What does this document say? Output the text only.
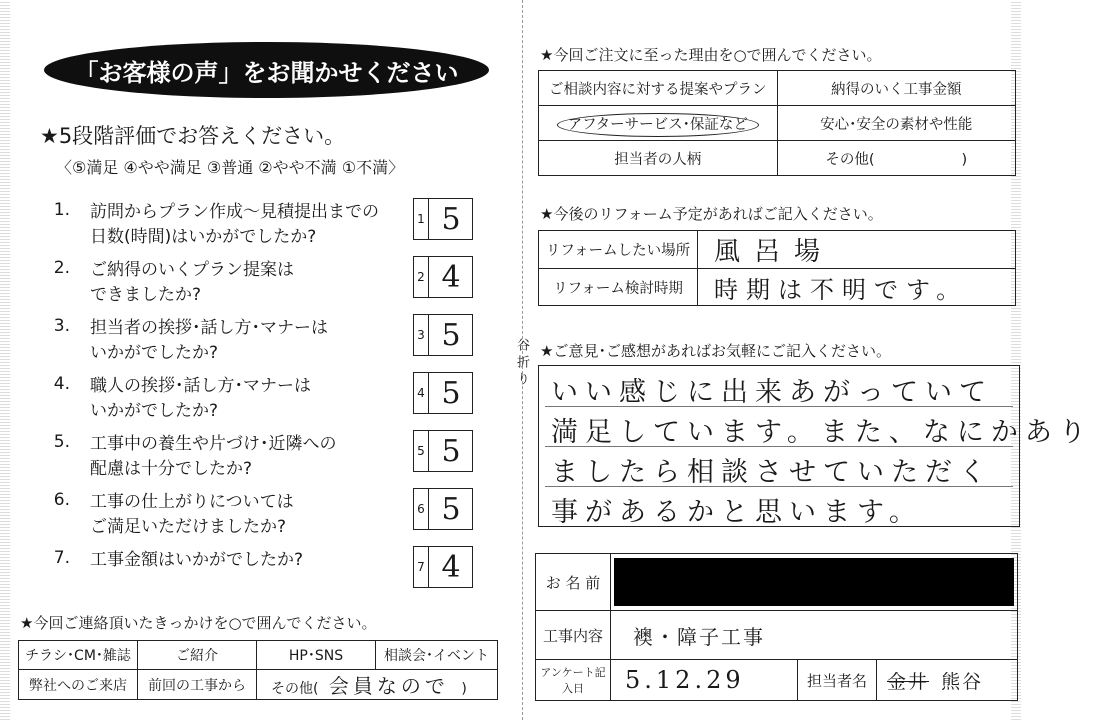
谷折り
「お客様の声」をお聞かせください
★5段階評価でお答えください。
〈⑤満足 ④やや満足 ③普通 ②やや不満 ①不満〉
1. 訪問からプラン作成〜見積提出までの
日数(時間)はいかがでしたか?
1 5
2. ご納得のいくプラン提案は
できましたか?
2 4
3. 担当者の挨拶･話し方･マナーは
いかがでしたか?
3 5
4. 職人の挨拶･話し方･マナーは
いかがでしたか?
4 5
5. 工事中の養生や片づけ･近隣への
配慮は十分でしたか?
5 5
6. 工事の仕上がりについては
ご満足いただけましたか?
6 5
7. 工事金額はいかがでしたか?	7 4
★今回ご連絡頂いたきっかけを○で囲んでください。
チラシ･CM･雑誌	ご紹介	HP･SNS	相談会･イベント
弊社へのご来店	前回の工事から	その他( 会員なので )	
★今回ご注文に至った理由を○で囲んでください。
ご相談内容に対する提案やプラン	納得のいく工事金額
アフターサービス･保証など	安心･安全の素材や性能
担当者の人柄	その他(　　　　　　)
★今後のリフォーム予定があればご記入ください。
リフォームしたい場所	風呂場
リフォーム検討時期	時期は不明です。
★ご意見･ご感想があればお気軽にご記入ください。
いい感じに出来あがっていて
満足しています。また、なにかあり
ましたら相談させていただく
事があるかと思います。
お 名 前			

工事内容	襖・障子工事		
アンケート記入日	5.12.29	担当者名	金井 熊谷
